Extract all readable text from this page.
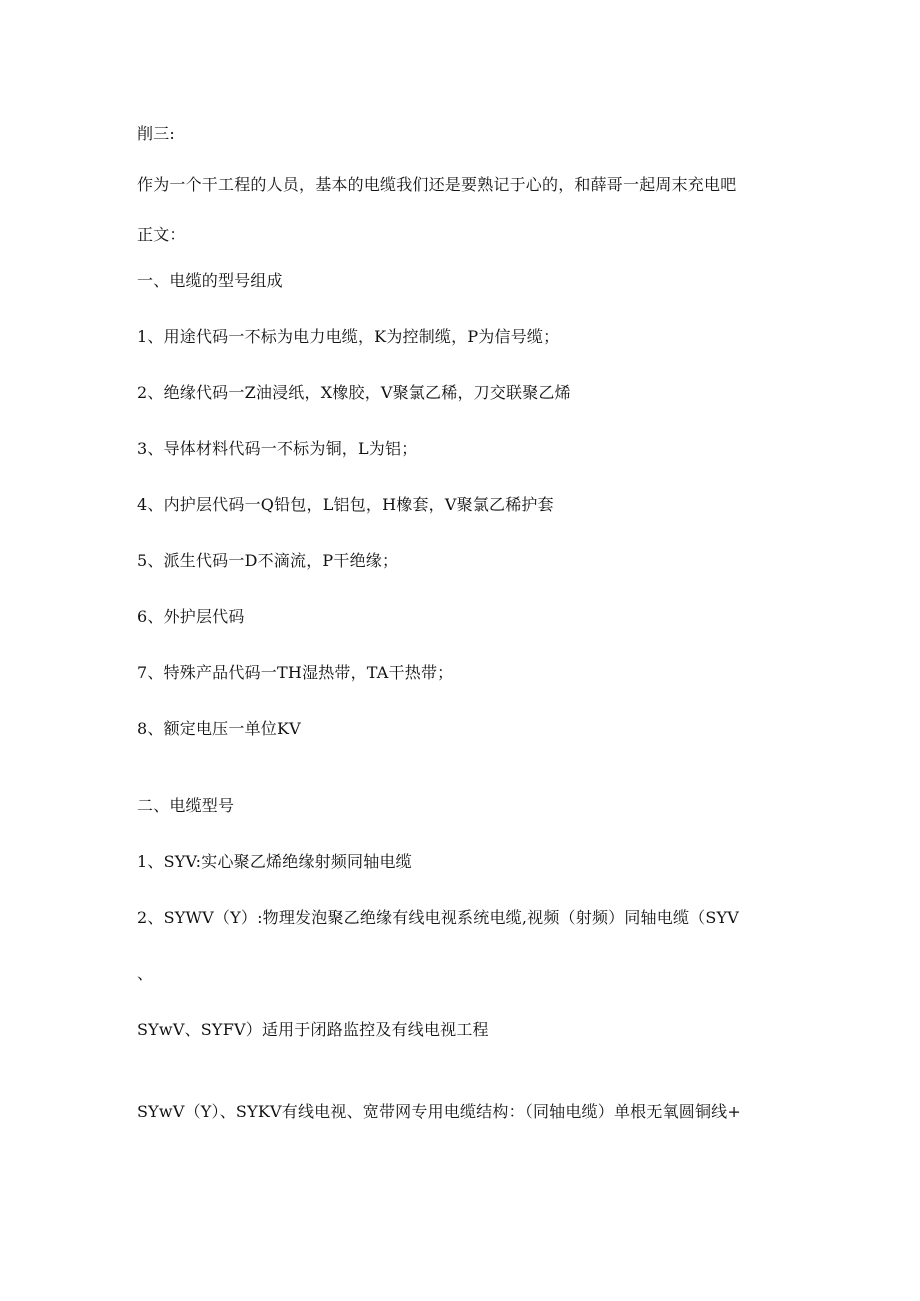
削三:
作为一个干工程的人员，基本的电缆我们还是要熟记于心的，和薛哥一起周末充电吧
正文：
一、电缆的型号组成
1、用途代码一不标为电力电缆，K为控制缆，P为信号缆；
2、绝缘代码一Z油浸纸，X橡胶，V聚氯乙稀，刀交联聚乙烯
3、导体材料代码一不标为铜，L为铝；
4、内护层代码一Q铅包，L铝包，H橡套，V聚氯乙稀护套
5、派生代码一D不滴流，P干绝缘；
6、外护层代码
7、特殊产品代码一TH湿热带，TA干热带；
8、额定电压一单位KV
二、电缆型号
1、SYV:实心聚乙烯绝缘射频同轴电缆
2、SYWV（Y）:物理发泡聚乙绝缘有线电视系统电缆,视频（射频）同轴电缆（SYV
、
SYwV、SYFV）适用于闭路监控及有线电视工程
SYwV（Y）、SYKV有线电视、宽带网专用电缆结构：（同轴电缆）单根无氧圆铜线+
